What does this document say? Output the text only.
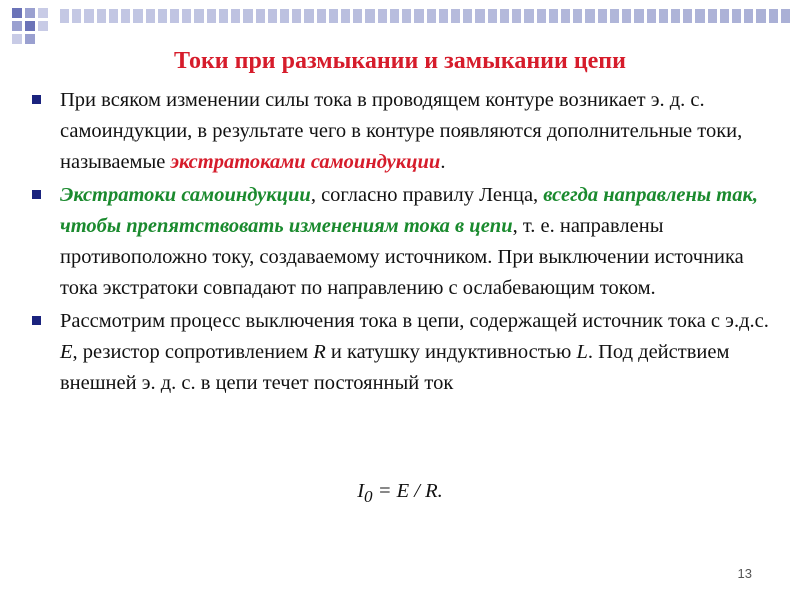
Токи при размыкании и замыкании цепи
При всяком изменении силы тока в проводящем контуре возникает э. д. с. самоиндукции, в результате чего в контуре появляются дополнительные токи, называемые экстратоками самоиндукции.
Экстратоки самоиндукции, согласно правилу Ленца, всегда направлены так, чтобы препятствовать изменениям тока в цепи, т. е. направлены противоположно току, создаваемому источником. При выключении источника тока экстратоки совпадают по направлению с ослабевающим током.
Рассмотрим процесс выключения тока в цепи, содержащей источник тока с э.д.с. E, резистор сопротивлением R и катушку индуктивностью L. Под действием внешней э. д. с. в цепи течет постоянный ток
$I_0 = E / R$.
13
